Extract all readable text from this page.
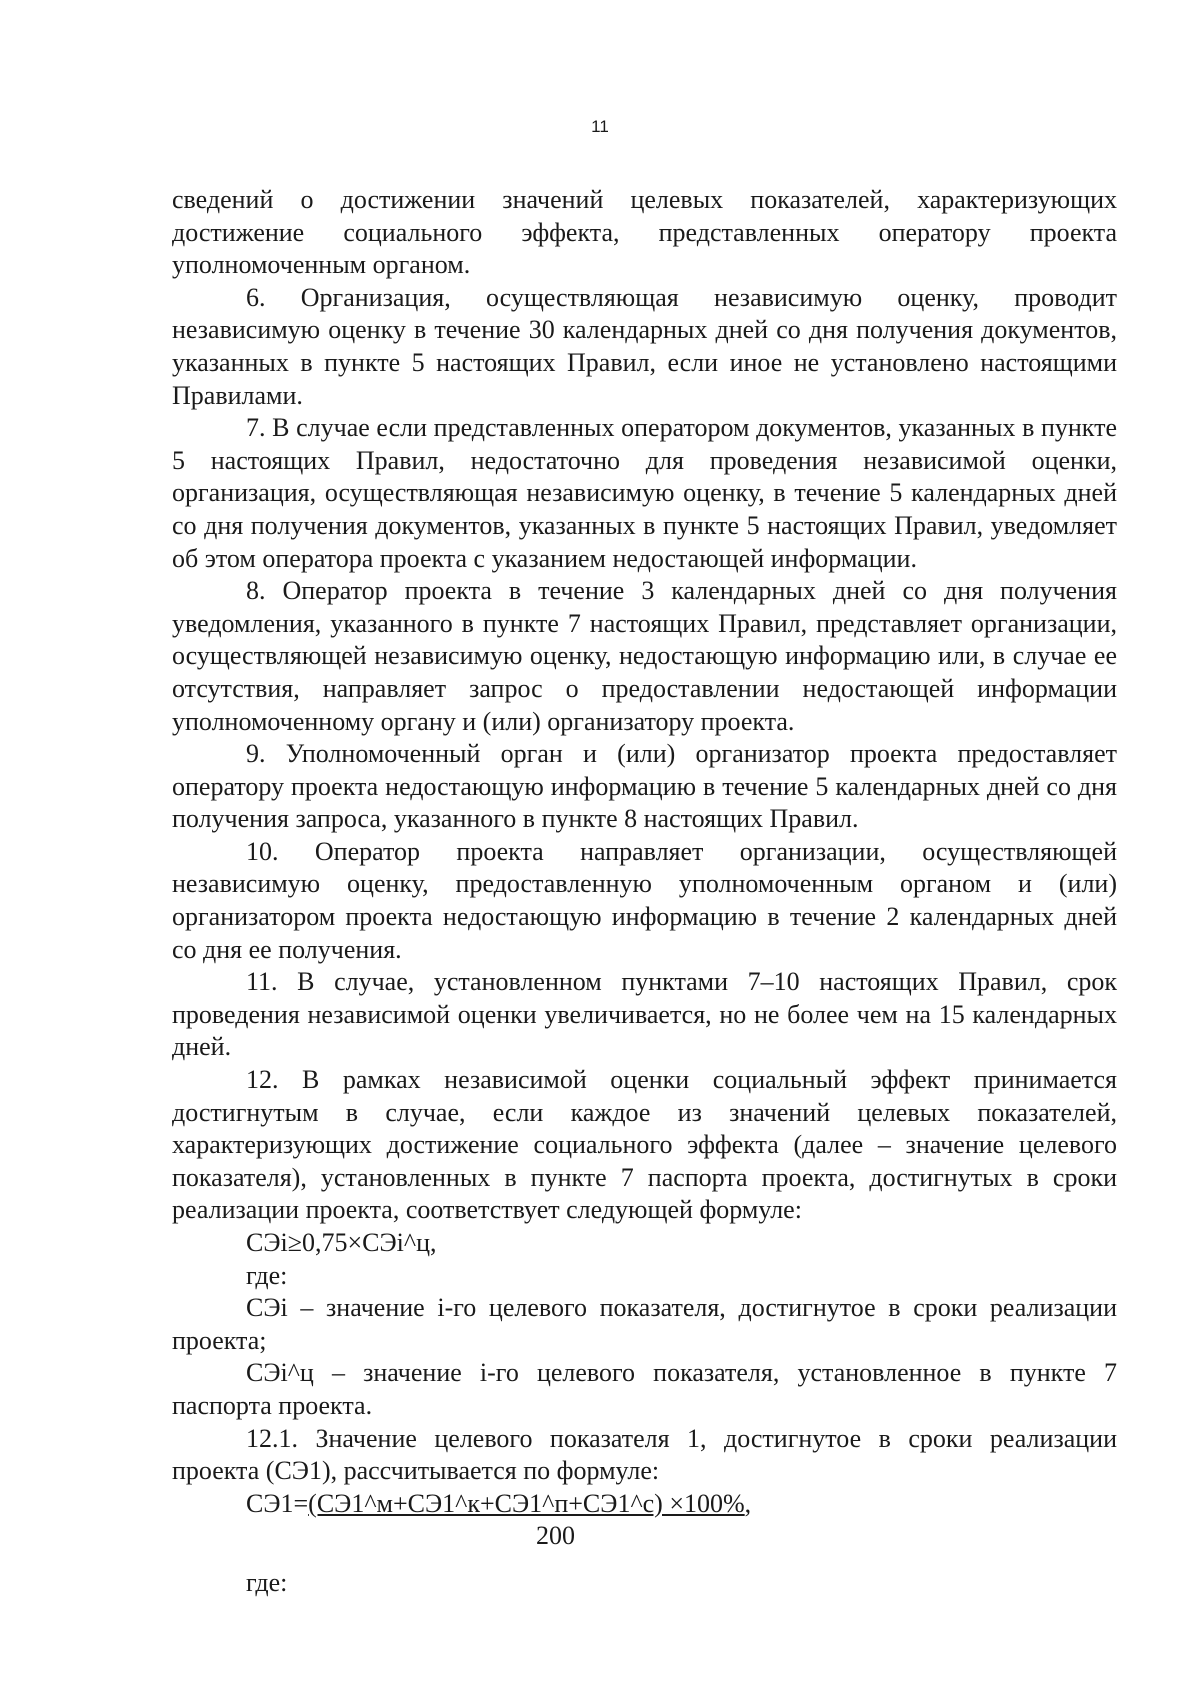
11

сведений о достижении значений целевых показателей, характеризующих достижение социального эффекта, представленных оператору проекта уполномоченным органом.

6. Организация, осуществляющая независимую оценку, проводит независимую оценку в течение 30 календарных дней со дня получения документов, указанных в пункте 5 настоящих Правил, если иное не установлено настоящими Правилами.

7. В случае если представленных оператором документов, указанных в пункте 5 настоящих Правил, недостаточно для проведения независимой оценки, организация, осуществляющая независимую оценку, в течение 5 календарных дней со дня получения документов, указанных в пункте 5 настоящих Правил, уведомляет об этом оператора проекта с указанием недостающей информации.

8. Оператор проекта в течение 3 календарных дней со дня получения уведомления, указанного в пункте 7 настоящих Правил, представляет организации, осуществляющей независимую оценку, недостающую информацию или, в случае ее отсутствия, направляет запрос о предоставлении недостающей информации уполномоченному органу и (или) организатору проекта.

9. Уполномоченный орган и (или) организатор проекта предоставляет оператору проекта недостающую информацию в течение 5 календарных дней со дня получения запроса, указанного в пункте 8 настоящих Правил.

10. Оператор проекта направляет организации, осуществляющей независимую оценку, предоставленную уполномоченным органом и (или) организатором проекта недостающую информацию в течение 2 календарных дней со дня ее получения.

11. В случае, установленном пунктами 7–10 настоящих Правил, срок проведения независимой оценки увеличивается, но не более чем на 15 календарных дней.

12. В рамках независимой оценки социальный эффект принимается достигнутым в случае, если каждое из значений целевых показателей, характеризующих достижение социального эффекта (далее – значение целевого показателя), установленных в пункте 7 паспорта проекта, достигнутых в сроки реализации проекта, соответствует следующей формуле:

СЭi≥0,75×СЭi^ц,

где:

СЭi – значение i-го целевого показателя, достигнутое в сроки реализации проекта;

СЭi^ц – значение i-го целевого показателя, установленное в пункте 7 паспорта проекта.

12.1. Значение целевого показателя 1, достигнутое в сроки реализации проекта (СЭ1), рассчитывается по формуле:

СЭ1=(СЭ1^м+СЭ1^к+СЭ1^п+СЭ1^с) ×100%,

200

где:
